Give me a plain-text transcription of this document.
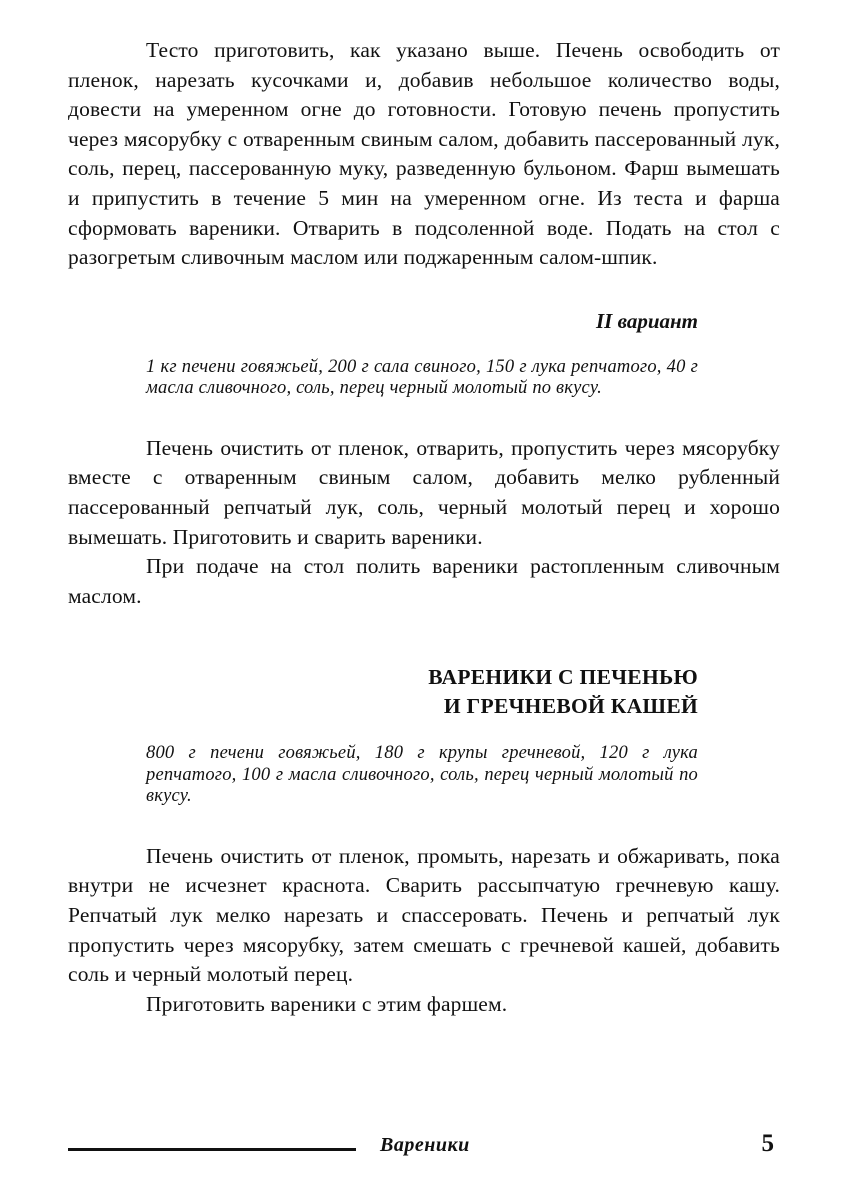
Тесто приготовить, как указано выше. Печень освободить от пленок, нарезать кусочками и, добавив небольшое количество воды, довести на умеренном огне до готовности. Готовую печень пропустить через мясорубку с отваренным свиным салом, добавить пассерованный лук, соль, перец, пассерованную муку, разведенную бульоном. Фарш вымешать и припустить в течение 5 мин на умеренном огне. Из теста и фарша сформовать вареники. Отварить в подсоленной воде. Подать на стол с разогретым сливочным маслом или поджаренным салом-шпик.

II вариант
1 кг печени говяжьей, 200 г сала свиного, 150 г лука репчатого, 40 г масла сливочного, соль, перец черный молотый по вкусу.

Печень очистить от пленок, отварить, пропустить через мясорубку вместе с отваренным свиным салом, добавить мелко рубленный пассерованный репчатый лук, соль, черный молотый перец и хорошо вымешать. Приготовить и сварить вареники.

При подаче на стол полить вареники растопленным сливочным маслом.

ВАРЕНИКИ С ПЕЧЕНЬЮ
И ГРЕЧНЕВОЙ КАШЕЙ
800 г печени говяжьей, 180 г крупы гречневой, 120 г лука репчатого, 100 г масла сливочного, соль, перец черный молотый по вкусу.

Печень очистить от пленок, промыть, нарезать и обжаривать, пока внутри не исчезнет краснота. Сварить рассыпчатую гречневую кашу. Репчатый лук мелко нарезать и спассеровать. Печень и репчатый лук пропустить через мясорубку, затем смешать с гречневой кашей, добавить соль и черный молотый перец.

Приготовить вареники с этим фаршем.

Вареники	5
